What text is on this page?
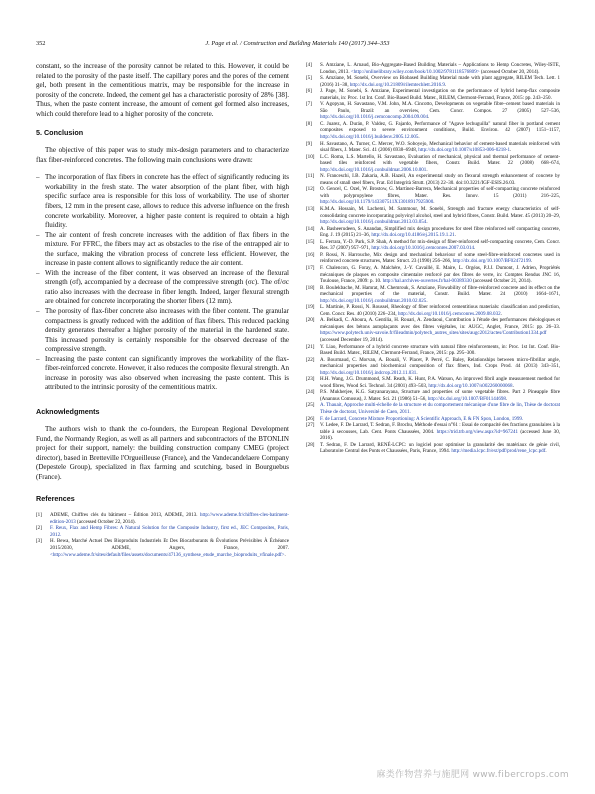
352	J. Page et al. / Construction and Building Materials 140 (2017) 344–353

constant, so the increase of the porosity cannot be related to this. However, it could be related to the porosity of the paste itself. The capillary pores and the pores of the cement gel, both present in the cementitious matrix, may be responsible for the increase in porosity of the concrete. Indeed, the cement gel has a characteristic porosity of 28% [38]. Thus, when the paste content increase, the amount of cement gel formed also increases, which could therefore lead to a higher porosity of the concrete.

5. Conclusion

The objective of this paper was to study mix-design parameters and to characterize flax fiber-reinforced concretes. The following main conclusions were drawn:

– The incorporation of flax fibers in concrete has the effect of significantly reducing its workability in the fresh state. The water absorption of the plant fiber, with high specific surface area is responsible for this loss of workability. The use of shorter fibers, 12 mm in the present case, allows to reduce this adverse influence on the fresh concrete workability. Moreover, a higher paste content is required to obtain a high fluidity.
– The air content of fresh concrete increases with the addition of flax fibers in the mixture. For FFRC, the fibers may act as obstacles to the rise of the entrapped air to the surface, making the vibration process of concrete less efficient. However, the increase in paste content allows to significantly reduce the air content.
– With the increase of the fiber content, it was observed an increase of the flexural strength (σf), accompanied by a decrease of the compressive strength (σc). The σf/σc ratio also increases with the decrease in fiber length. Indeed, larger flexural strength are obtained for concrete incorporating the shorter fibers (12 mm).
– The porosity of flax-fiber concrete also increases with the fiber content. The granular compactness is greatly reduced with the addition of flax fibers. This reduced packing density generates thereafter a higher porosity of the material in the hardened state. This increased porosity is certainly responsible for the observed decrease of the compressive strength.
– Increasing the paste content can significantly improves the workability of the flax-fiber-reinforced concrete. However, it also reduces the composite flexural strength. An increase in porosity was also observed when increasing the paste content. This is attributed to the intrinsic porosity of the cementitious matrix.
Acknowledgments

The authors wish to thank the co-founders, the European Regional Development Fund, the Normandy Region, as well as all partners and subcontractors of the BTONLIN project for their support, namely: the building construction company CMEG (project director), based in Bretteville l'Orgueilleuse (France), and the Vandecandelaere Company (Depestele Group), specialized in flax farming and scutching, based in Bourguebus (France).

References
[1] ADEME, Chiffres clés du bâtiment – Édition 2013, ADEME, 2013. http://www.ademe.fr/chiffres-cles-batiment-edition-2013 (accessed October 22, 2014).
[2] F. Reux, Flax and Hemp Fibres: A Natural Solution for the Composite Industry, first ed., JEC Composites, Paris, 2012.
[3] H. Bewa, Marché Actuel Des Bioproduits Industriels Et Des Biocarburants & Évolutions Prévisibles À Échéance 2015/2030, ADEME, Angers, France, 2007. <http://www.ademe.fr/sites/default/files/assets/documents/47136_synthese_etude_marche_bioproduits_vfinale.pdf>.
[4] S. Amziane, L. Arnaud, Bio-Aggregate-Based Building Materials – Applications to Hemp Concretes, Wiley-ISTE, London, 2013. <http://onlinelibrary.wiley.com/book/10.1002/9781118576809> (accessed October 20, 2014).
[5] S. Amziane, M. Sonebi, Overview on Biobased Building Material made with plant aggregate, RILEM Tech. Lett. 1 (2016) 31–38, http://dx.doi.org/10.21809/rilemtechlett.2016.9.
[6] J. Page, M. Sonebi, S. Amziane, Experimental investigation on the performance of hybrid hemp-flax composite materials, in: Proc. 1st Int. Conf. Bio-Based Build. Mater., RILEM, Clermont-Ferrand, France, 2015: pp. 243–250.
[7] V. Agopyan, H. Savastano, V.M. John, M.A. Cincotto, Developments on vegetable fibre–cement based materials in São Paulo, Brazil: an overview, Cem. Concr. Compos. 27 (2005) 527–536, http://dx.doi.org/10.1016/j.cemconcomp.2004.09.004.
[8] C. Juarez, A. Durán, P. Valdez, G. Fajardo, Performance of "Agave lechuguilla" natural fiber in portland cement composites exposed to severe environment conditions, Build. Environ. 42 (2007) 1151–1157, http://dx.doi.org/10.1016/j.buildenv.2005.12.005.
[9] H. Savastano, A. Turner, C. Mercer, W.O. Soboyejo, Mechanical behavior of cement-based materials reinforced with sisal fibers, J. Mater. Sci. 41 (2006) 6938–6948, http://dx.doi.org/10.1007/s10853-006-0218-1.
[10] L.C. Roma, L.S. Martello, H. Savastano, Evaluation of mechanical, physical and thermal performance of cement-based tiles reinforced with vegetable fibers, Constr. Build. Mater. 22 (2008) 668–674, http://dx.doi.org/10.1016/j.conbuildmat.2006.10.001.
[11] N. Franceschi, I.B. Zakaria, A.B. Hazeil, An experimental study on flexural strength enhancement of concrete by means of small steel fibers, Frat. Ed Integrità Strutt. (2013) 22–30. doi:10.3221/IGF-ESIS.26.03.
[12] O. Gencel, C. Ozel, W. Brostow, G. Martínez-Barrera, Mechanical properties of self-compacting concrete reinforced with polypropylene fibres, Mater. Res. Innov. 15 (2011) 216–225, http://dx.doi.org/10.1179/143307511X13018917925900.
[13] K.M.A. Hossain, M. Lachemi, M. Sammour, M. Sonebi, Strength and fracture energy characteristics of self-consolidating concrete incorporating polyvinyl alcohol, steel and hybrid fibres, Constr. Build. Mater. 45 (2013) 20–29, http://dx.doi.org/10.1016/j.conbuildmat.2013.03.054.
[14] A. Basheerudeen, S. Anandan, Simplified mix design procedures for steel fibre reinforced self compacting concrete, Eng. J. 19 (2015) 21–36, http://dx.doi.org/10.4186/ej.2015.19.1.21.
[15] L. Ferrara, Y.-D. Park, S.P. Shah, A method for mix-design of fiber-reinforced self-compacting concrete, Cem. Concr. Res. 37 (2007) 957–971, http://dx.doi.org/10.1016/j.cemconres.2007.03.014.
[16] P. Rossi, N. Harrouche, Mix design and mechanical behaviour of some steel-fibre-reinforced concretes used in reinforced concrete structures, Mater. Struct. 23 (1990) 256–266, http://dx.doi.org/10.1007/BF02472199.
[17] F. Chalencon, G. Foray, A. Malchère, J.-Y. Cavaillé, E. Maire, L. Orgéas, P.J.J. Dumont, J. Adrien, Propriétés mécaniques de plaques en composite cimentaire renforcé par des fibres de verre, in: Comptes Rendus JNC 16, Toulouse, France, 2009: p. 10. http://hal.archives-ouvertes.fr/hal-00389330 (accessed October 21, 2014).
[18] B. Boulekbache, M. Hamrat, M. Chemrouk, S. Amziane, Flowability of fibre-reinforced concrete and its effect on the mechanical properties of the material, Constr. Build. Mater. 24 (2010) 1664–1671, http://dx.doi.org/10.1016/j.conbuildmat.2010.02.025.
[19] L. Martinie, P. Rossi, N. Roussel, Rheology of fiber reinforced cementitious materials: classification and prediction, Cem. Concr. Res. 40 (2010) 226–234, http://dx.doi.org/10.1016/j.cemconres.2009.08.032.
[20] A. Belkadi, C. Aboura, A. Gentilia, H. Rouari, A. Zendaoui, Contribution à l'étude des performances rhéologiques et mécaniques des bétons autoplaçants avec des fibres végétales, in: AUGC, Anglet, France, 2015: pp. 26–33. https://www.polytech.univ-savoie.fr/fileadmin/polytech_autres_sites/sites/augc2012/actes/Contribution1334.pdf (accessed December 19, 2014).
[21] Y. Liao, Performance of a hybrid concrete structure with natural fibre reinforcements, in: Proc. 1st Int. Conf. Bio-Based Build. Mater., RILEM, Clermont-Ferrand, France, 2015: pp. 295–300.
[22] A. Bourmaud, C. Morvan, A. Bouali, V. Placet, P. Perré, C. Baley, Relationships between micro-fibrillar angle, mechanical properties and biochemical composition of flax fibers, Ind. Crops Prod. 44 (2013) 343–351, http://dx.doi.org/10.1016/j.indcrop.2012.11.031.
[23] H.H. Wang, J.G. Drummond, S.M. Reath, K. Hunt, P.A. Watson, An improved fibril angle measurement method for wood fibres, Wood Sci. Technol. 34 (2001) 493–503, http://dx.doi.org/10.1007/s002260000068.
[24] P.S. Mukherjee, K.G. Satyanarayana, Structure and properties of some vegetable fibres. Part 2 Pineapple fibre (Anannus Comosus), J. Mater. Sci. 21 (1986) 51–56, http://dx.doi.org/10.1007/BF01144698.
[25] A. Thauait, Approche multi-échelle de la structure et du comportement mécanique d'une fibre de lin, Thèse de doctorat Thèse de doctorat, Université de Caen, 2011.
[26] F. de Larrard, Concrete Mixture Proportioning: A Scientific Approach, E & FN Spon, London, 1999.
[27] V. Ledee, F. De Larrard, T. Sedran, F. Brochu, Méthode d'essai n°61 : Essai de compacité des fractions granulaires à la table à secousses, Lab. Cent. Ponts Chaussées, 2004. https://trid.trb.org/view.aspx?id=967241 (accessed June 30, 2016).
[28] T. Sedran, F. De Larrard, RENÉ-LCPC: un logiciel pour optimiser la granularité des matériaux de génie civil, Laboratoire Central des Ponts et Chaussées, Paris, France, 1994. http://media.lcpc.fr/ext/pdf/prod/rene_lcpc.pdf.
麻类作物营养与施肥网 www.fibercrops.com
